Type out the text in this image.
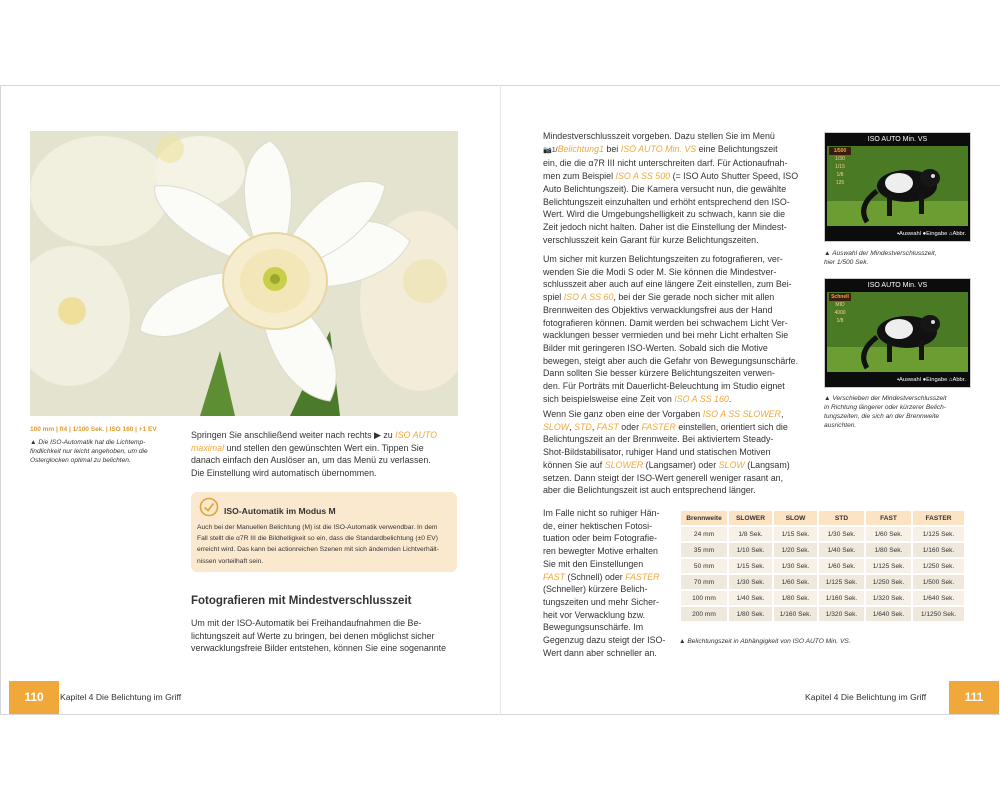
100 mm | f/4 | 1/100 Sek. | ISO 160 | +1 EV
▲ Die ISO-Automatik hat die Lichtemp-
findlichkeit nur leicht angehoben, um die
Osterglocken optimal zu belichten.
Springen Sie anschließend weiter nach rechts ▶ zu ISO AUTO
maximal und stellen den gewünschten Wert ein. Tippen Sie
danach einfach den Auslöser an, um das Menü zu verlassen.
Die Einstellung wird automatisch übernommen.
ISO-Automatik im Modus M
Auch bei der Manuellen Belichtung (M) ist die ISO-Automatik verwendbar. In dem
Fall stellt die α7R III die Bildhelligkeit so ein, dass die Standardbelichtung (±0 EV)
erreicht wird. Das kann bei actionreichen Szenen mit sich ändernden Lichtverhält-
nissen vorteilhaft sein.
Fotografieren mit Mindestverschlusszeit
Um mit der ISO-Automatik bei Freihandaufnahmen die Be-
lichtungszeit auf Werte zu bringen, bei denen möglichst sicher
verwacklungsfreie Bilder entstehen, können Sie eine sogenannte
110	Kapitel 4 Die Belichtung im Griff
Mindestverschlusszeit vorgeben. Dazu stellen Sie im Menü
📷1/Belichtung1 bei ISO AUTO Min. VS eine Belichtungszeit
ein, die die α7R III nicht unterschreiten darf. Für Actionaufnah-
men zum Beispiel ISO A SS 500 (= ISO Auto Shutter Speed, ISO
Auto Belichtungszeit). Die Kamera versucht nun, die gewählte
Belichtungszeit einzuhalten und erhöht entsprechend den ISO-
Wert. Wird die Umgebungshelligkeit zu schwach, kann sie die
Zeit jedoch nicht halten. Daher ist die Einstellung der Mindest-
verschlusszeit kein Garant für kurze Belichtungszeiten.
Um sicher mit kurzen Belichtungszeiten zu fotografieren, ver-
wenden Sie die Modi S oder M. Sie können die Mindestver-
schlusszeit aber auch auf eine längere Zeit einstellen, zum Bei-
spiel ISO A SS 60, bei der Sie gerade noch sicher mit allen
Brennweiten des Objektivs verwacklungsfrei aus der Hand
fotografieren können. Damit werden bei schwachem Licht Ver-
wacklungen besser vermieden und bei mehr Licht erhalten Sie
Bilder mit geringeren ISO-Werten. Sobald sich die Motive
bewegen, steigt aber auch die Gefahr von Bewegungsunschärfe.
Dann sollten Sie besser kürzere Belichtungszeiten verwen-
den. Für Porträts mit Dauerlicht-Beleuchtung im Studio eignet
sich beispielsweise eine Zeit von ISO A SS 160.
Wenn Sie ganz oben eine der Vorgaben ISO A SS SLOWER,
SLOW, STD, FAST oder FASTER einstellen, orientiert sich die
Belichtungszeit an der Brennweite. Bei aktiviertem Steady-
Shot-Bildstabilisator, ruhiger Hand und statischen Motiven
können Sie auf SLOWER (Langsamer) oder SLOW (Langsam)
setzen. Dann steigt der ISO-Wert generell weniger rasant an,
aber die Belichtungszeit ist auch entsprechend länger.
Im Falle nicht so ruhiger Hän-
de, einer hektischen Fotosi-
tuation oder beim Fotografie-
ren bewegter Motive erhalten
Sie mit den Einstellungen
FAST (Schnell) oder FASTER
(Schneller) kürzere Belich-
tungszeiten und mehr Sicher-
heit vor Verwacklung bzw.
Bewegungsunschärfe. Im
Gegenzug dazu steigt der ISO-
Wert dann aber schneller an.
ISO AUTO Min. VS
1/500
1/30
1/15
1/8
125
⬩Auswahl ●Eingabe ⌂Abbr.
▲ Auswahl der Mindestverschlusszeit,
hier 1/500 Sek.
ISO AUTO Min. VS
Schnell
MID
4000
1/8
⬩Auswahl ●Eingabe ⌂Abbr.
▲ Verschieben der Mindestverschlusszeit
in Richtung längerer oder kürzerer Belich-
tungszeiten, die sich an der Brennweite
ausrichten.
Brennweite	SLOWER	SLOW	STD	FAST	FASTER
24 mm	1/8 Sek.	1/15 Sek.	1/30 Sek.	1/60 Sek.	1/125 Sek.
35 mm	1/10 Sek.	1/20 Sek.	1/40 Sek.	1/80 Sek.	1/160 Sek.
50 mm	1/15 Sek.	1/30 Sek.	1/60 Sek.	1/125 Sek.	1/250 Sek.
70 mm	1/30 Sek.	1/60 Sek.	1/125 Sek.	1/250 Sek.	1/500 Sek.
100 mm	1/40 Sek.	1/80 Sek.	1/160 Sek.	1/320 Sek.	1/640 Sek.
200 mm	1/80 Sek.	1/160 Sek.	1/320 Sek.	1/640 Sek.	1/1250 Sek.
▲ Belichtungszeit in Abhängigkeit von ISO AUTO Min. VS.
Kapitel 4 Die Belichtung im Griff	111
